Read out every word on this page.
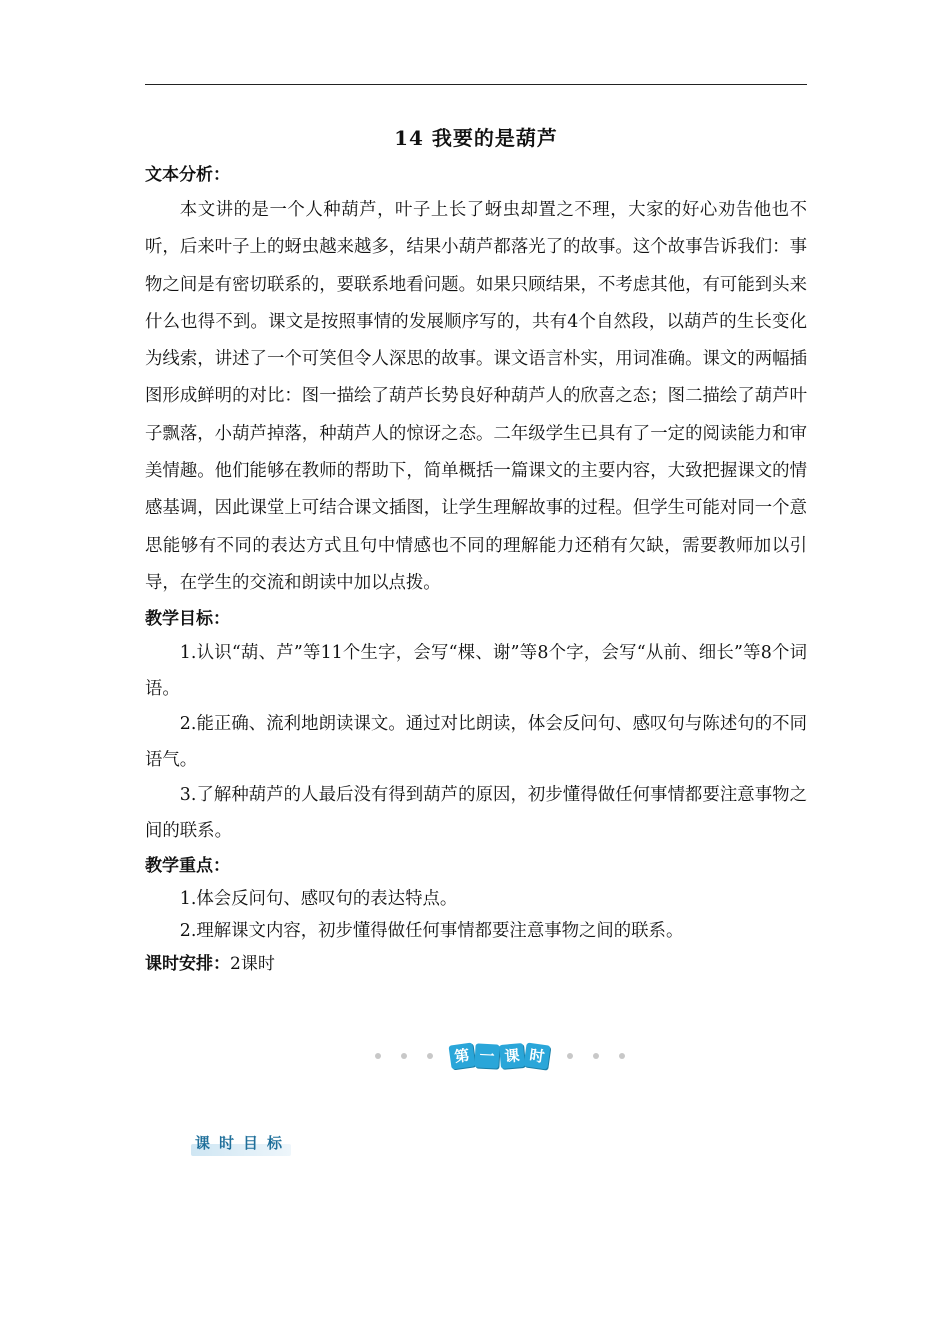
14 我要的是葫芦
文本分析：

本文讲的是一个人种葫芦，叶子上长了蚜虫却置之不理，大家的好心劝告他也不听，后来叶子上的蚜虫越来越多，结果小葫芦都落光了的故事。这个故事告诉我们：事物之间是有密切联系的，要联系地看问题。如果只顾结果，不考虑其他，有可能到头来什么也得不到。课文是按照事情的发展顺序写的，共有4个自然段，以葫芦的生长变化为线索，讲述了一个可笑但令人深思的故事。课文语言朴实，用词准确。课文的两幅插图形成鲜明的对比：图一描绘了葫芦长势良好种葫芦人的欣喜之态；图二描绘了葫芦叶子飘落，小葫芦掉落，种葫芦人的惊讶之态。二年级学生已具有了一定的阅读能力和审美情趣。他们能够在教师的帮助下，简单概括一篇课文的主要内容，大致把握课文的情感基调，因此课堂上可结合课文插图，让学生理解故事的过程。但学生可能对同一个意思能够有不同的表达方式且句中情感也不同的理解能力还稍有欠缺，需要教师加以引导，在学生的交流和朗读中加以点拨。

教学目标：

1.认识“葫、芦”等11个生字，会写“棵、谢”等8个字，会写“从前、细长”等8个词语。

2.能正确、流利地朗读课文。通过对比朗读，体会反问句、感叹句与陈述句的不同语气。

3.了解种葫芦的人最后没有得到葫芦的原因，初步懂得做任何事情都要注意事物之间的联系。

教学重点：

1.体会反问句、感叹句的表达特点。

2.理解课文内容，初步懂得做任何事情都要注意事物之间的联系。

课时安排：2课时

第 一 课 时
课时目标
